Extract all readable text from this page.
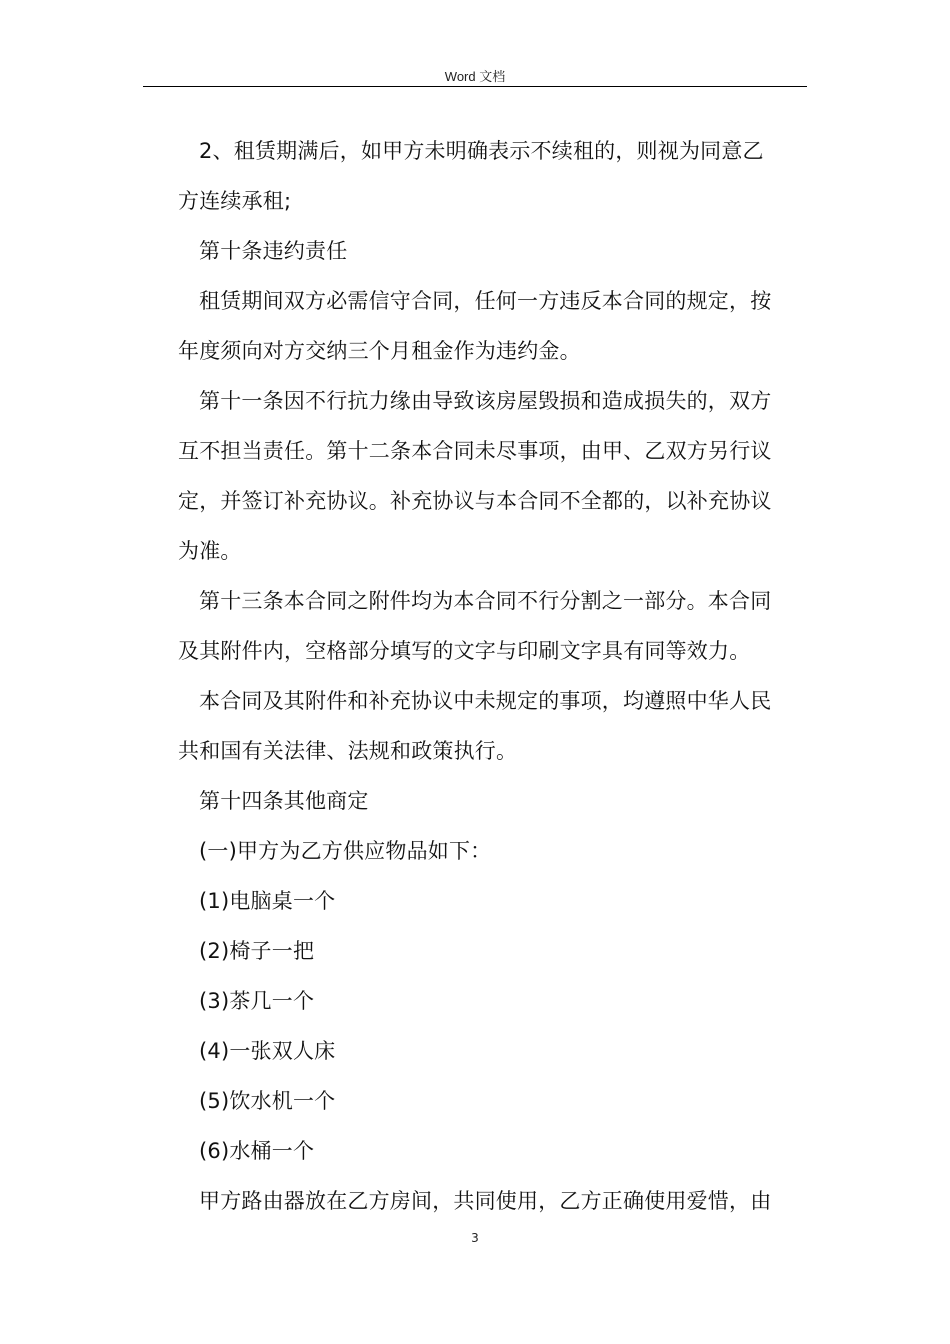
Word 文档
2、租赁期满后，如甲方未明确表示不续租的，则视为同意乙
方连续承租;
第十条违约责任
租赁期间双方必需信守合同，任何一方违反本合同的规定，按
年度须向对方交纳三个月租金作为违约金。
第十一条因不行抗力缘由导致该房屋毁损和造成损失的，双方
互不担当责任。第十二条本合同未尽事项，由甲、乙双方另行议
定，并签订补充协议。补充协议与本合同不全都的，以补充协议
为准。
第十三条本合同之附件均为本合同不行分割之一部分。本合同
及其附件内，空格部分填写的文字与印刷文字具有同等效力。
本合同及其附件和补充协议中未规定的事项，均遵照中华人民
共和国有关法律、法规和政策执行。
第十四条其他商定
(一)甲方为乙方供应物品如下：
(1)电脑桌一个
(2)椅子一把
(3)茶几一个
(4)一张双人床
(5)饮水机一个
(6)水桶一个
甲方路由器放在乙方房间，共同使用，乙方正确使用爱惜，由
3
